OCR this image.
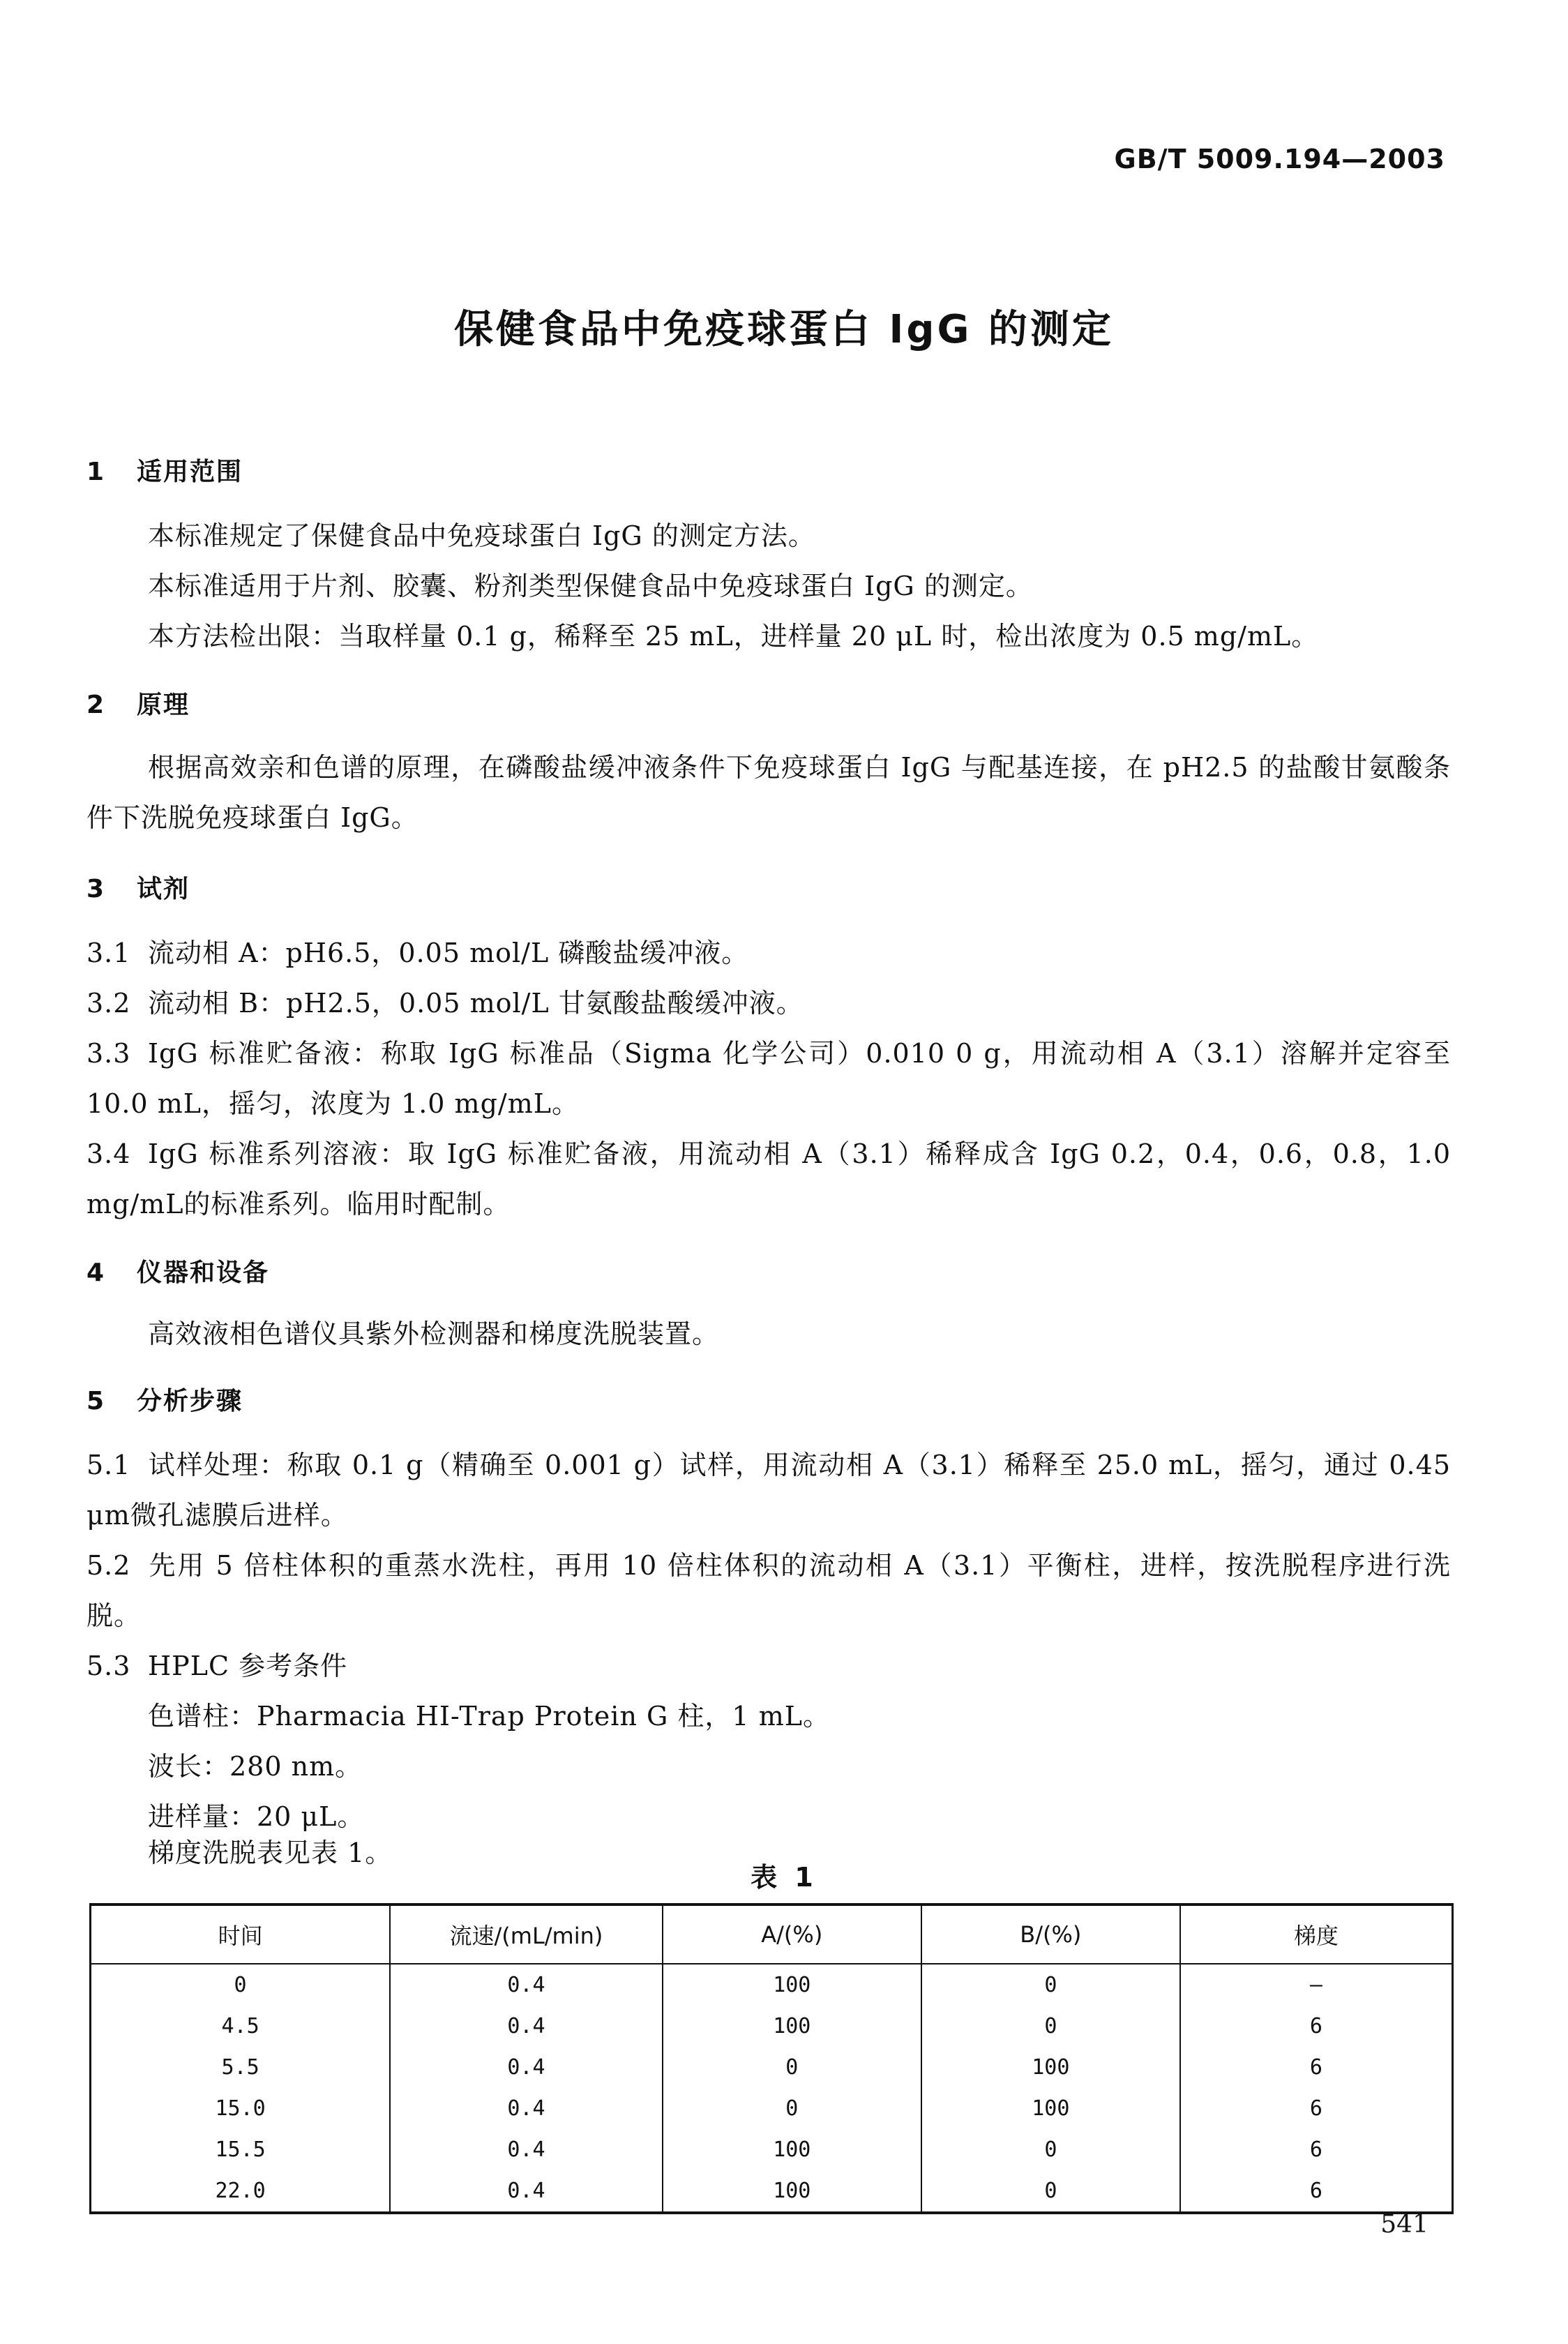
GB/T 5009.194—2003
保健食品中免疫球蛋白 IgG 的测定
1 适用范围
本标准规定了保健食品中免疫球蛋白 IgG 的测定方法。
本标准适用于片剂、胶囊、粉剂类型保健食品中免疫球蛋白 IgG 的测定。
本方法检出限：当取样量 0.1 g，稀释至 25 mL，进样量 20 μL 时，检出浓度为 0.5 mg/mL。
2 原理
根据高效亲和色谱的原理，在磷酸盐缓冲液条件下免疫球蛋白 IgG 与配基连接，在 pH2.5 的盐酸甘氨酸条件下洗脱免疫球蛋白 IgG。
3 试剂
3.1 流动相 A：pH6.5，0.05 mol/L 磷酸盐缓冲液。
3.2 流动相 B：pH2.5，0.05 mol/L 甘氨酸盐酸缓冲液。
3.3 IgG 标准贮备液：称取 IgG 标准品（Sigma 化学公司）0.010 0 g，用流动相 A（3.1）溶解并定容至 10.0 mL，摇匀，浓度为 1.0 mg/mL。
3.4 IgG 标准系列溶液：取 IgG 标准贮备液，用流动相 A（3.1）稀释成含 IgG 0.2，0.4，0.6，0.8，1.0 mg/mL的标准系列。临用时配制。
4 仪器和设备
高效液相色谱仪具紫外检测器和梯度洗脱装置。
5 分析步骤
5.1 试样处理：称取 0.1 g（精确至 0.001 g）试样，用流动相 A（3.1）稀释至 25.0 mL，摇匀，通过 0.45 μm微孔滤膜后进样。
5.2 先用 5 倍柱体积的重蒸水洗柱，再用 10 倍柱体积的流动相 A（3.1）平衡柱，进样，按洗脱程序进行洗脱。
5.3 HPLC 参考条件
色谱柱：Pharmacia HI-Trap Protein G 柱，1 mL。
波长：280 nm。
进样量：20 μL。
梯度洗脱表见表 1。
表 1
时间	流速/(mL/min)	A/(%)	B/(%)	梯度
0	0.4	100	0	—
4.5	0.4	100	0	6
5.5	0.4	0	100	6
15.0	0.4	0	100	6
15.5	0.4	100	0	6
22.0	0.4	100	0	6
541
